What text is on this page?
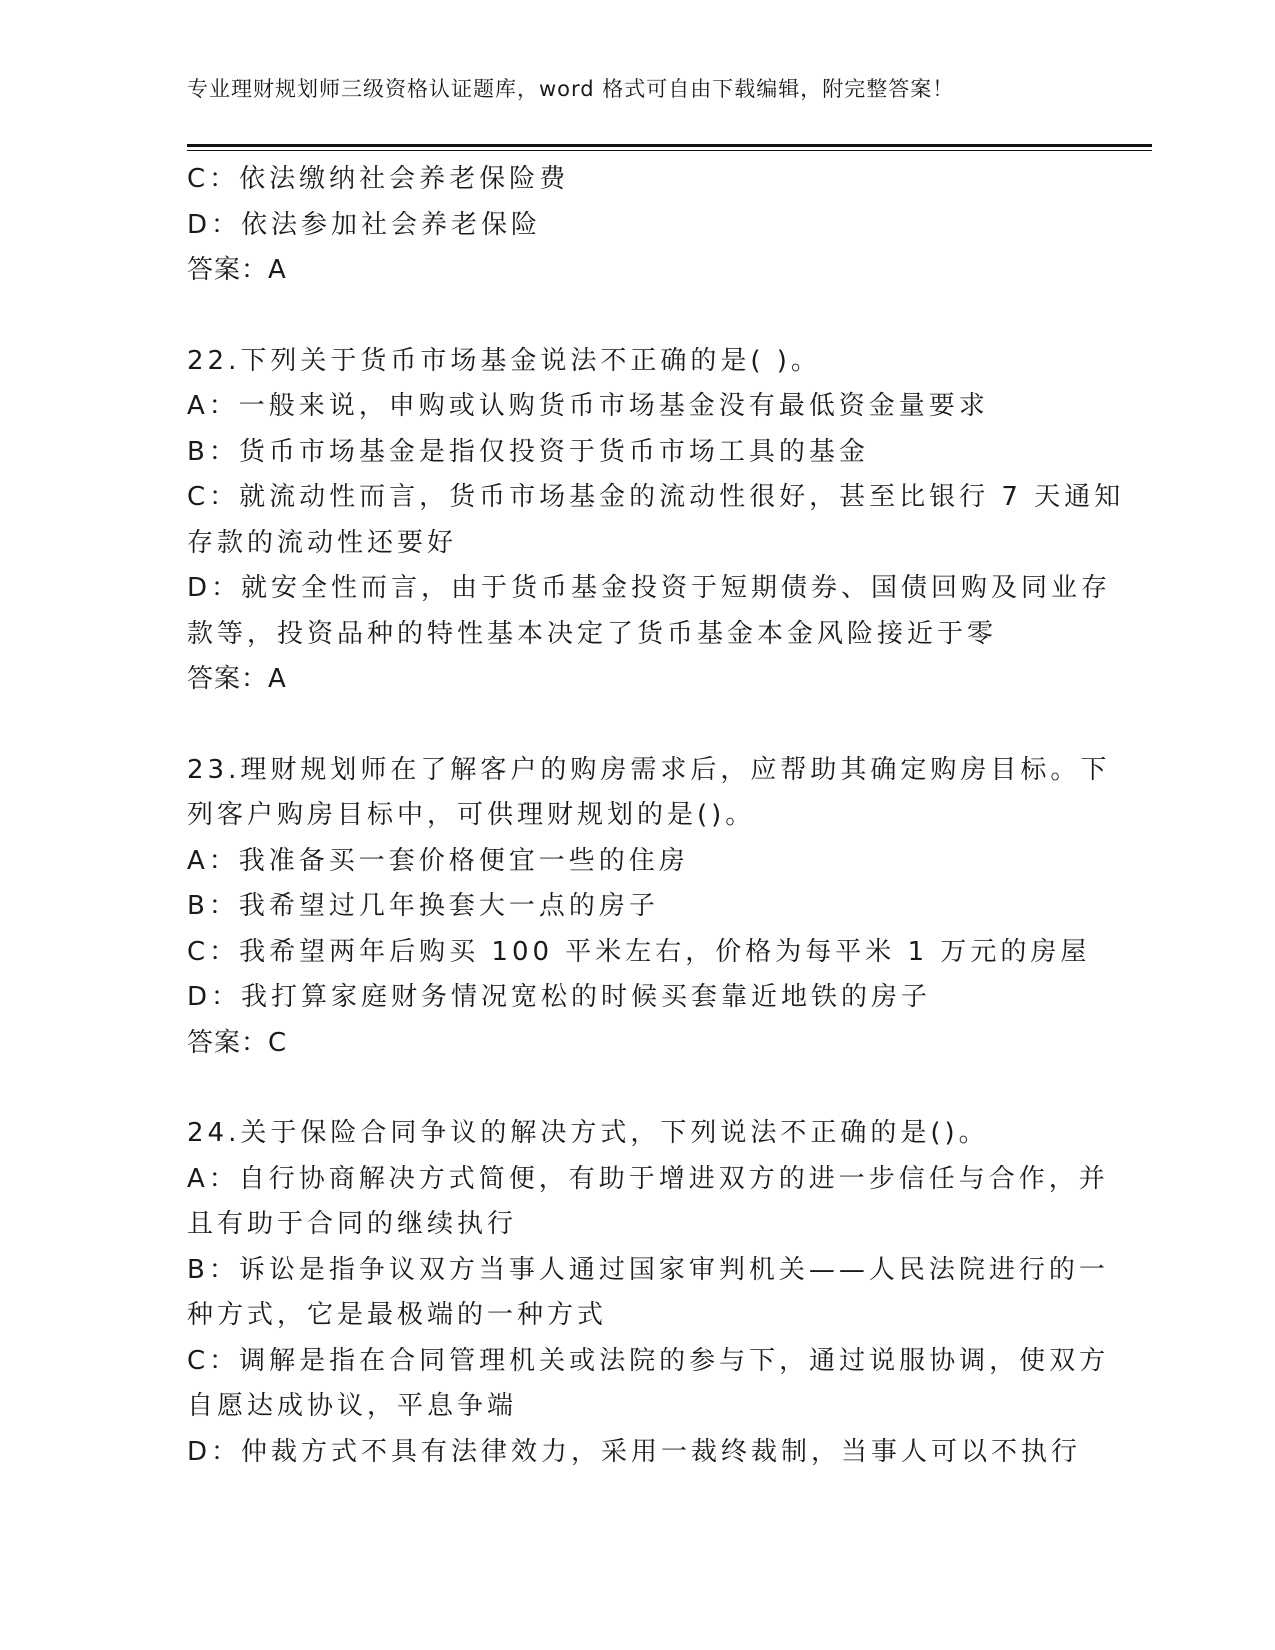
专业理财规划师三级资格认证题库，word 格式可自由下载编辑，附完整答案！
C：依法缴纳社会养老保险费
D：依法参加社会养老保险
答案：A
22.下列关于货币市场基金说法不正确的是( )。
A：一般来说，申购或认购货币市场基金没有最低资金量要求
B：货币市场基金是指仅投资于货币市场工具的基金
C：就流动性而言，货币市场基金的流动性很好，甚至比银行 7 天通知
存款的流动性还要好
D：就安全性而言，由于货币基金投资于短期债券、国债回购及同业存
款等，投资品种的特性基本决定了货币基金本金风险接近于零
答案：A
23.理财规划师在了解客户的购房需求后，应帮助其确定购房目标。下
列客户购房目标中，可供理财规划的是()。
A：我准备买一套价格便宜一些的住房
B：我希望过几年换套大一点的房子
C：我希望两年后购买 100 平米左右，价格为每平米 1 万元的房屋
D：我打算家庭财务情况宽松的时候买套靠近地铁的房子
答案：C
24.关于保险合同争议的解决方式，下列说法不正确的是()。
A：自行协商解决方式简便，有助于增进双方的进一步信任与合作，并
且有助于合同的继续执行
B：诉讼是指争议双方当事人通过国家审判机关——人民法院进行的一
种方式，它是最极端的一种方式
C：调解是指在合同管理机关或法院的参与下，通过说服协调，使双方
自愿达成协议，平息争端
D：仲裁方式不具有法律效力，采用一裁终裁制，当事人可以不执行
